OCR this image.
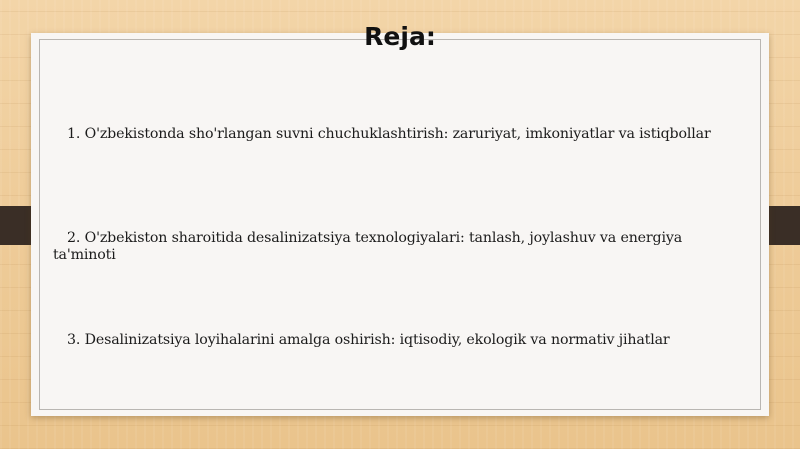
Reja:
1. O'zbekistonda sho'rlangan suvni chuchuklashtirish: zaruriyat, imkoniyatlar va istiqbollar
2. O'zbekiston sharoitida desalinizatsiya texnologiyalari: tanlash, joylashuv va energiya
ta'minoti
3. Desalinizatsiya loyihalarini amalga oshirish: iqtisodiy, ekologik va normativ jihatlar
